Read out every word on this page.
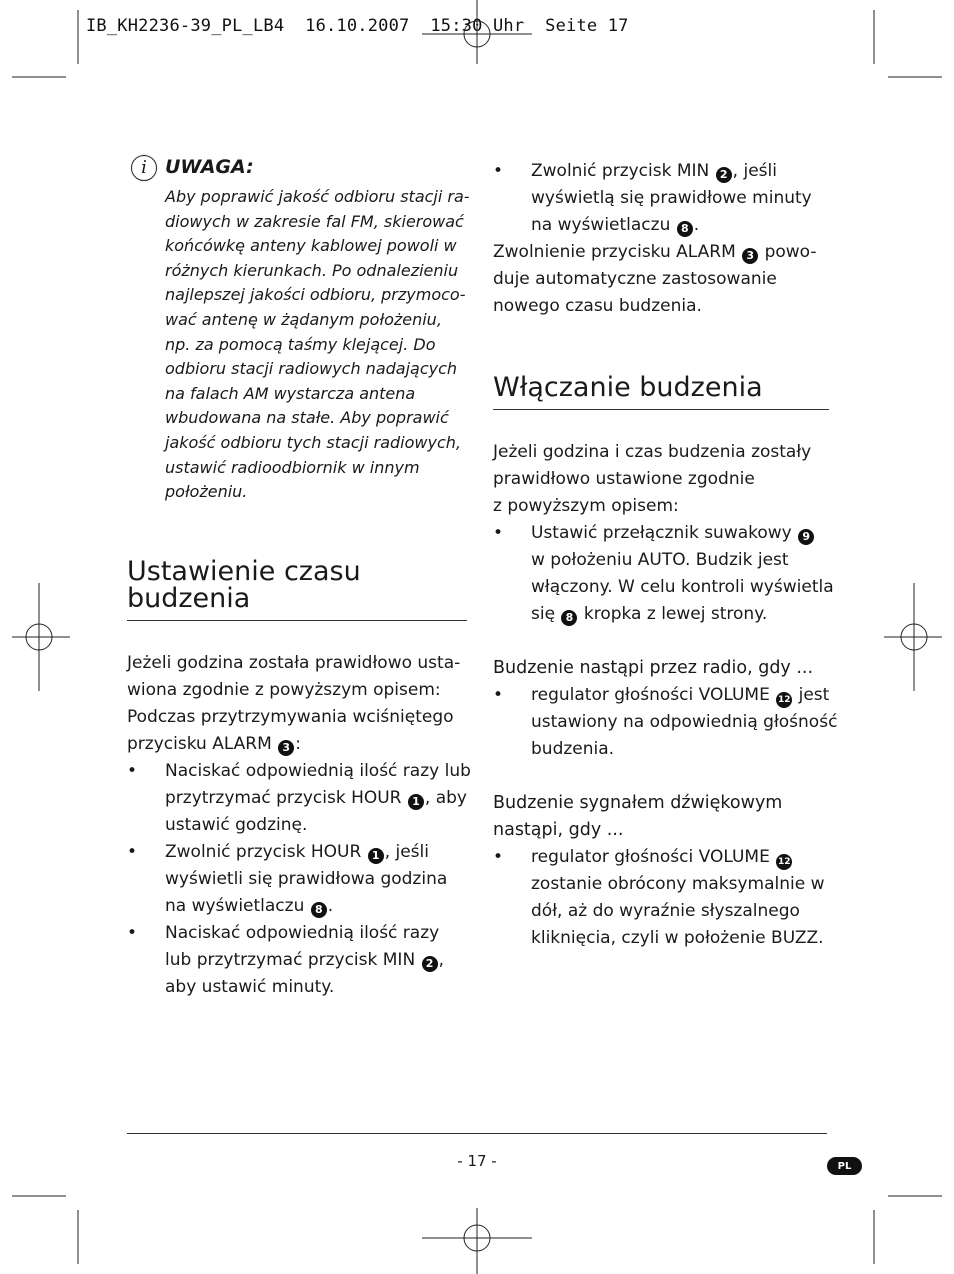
IB_KH2236-39_PL_LB4  16.10.2007  15:30 Uhr  Seite 17
i UWAGA:
Aby poprawić jakość odbioru stacji ra-
diowych w zakresie fal FM, skierować
końcówkę anteny kablowej powoli w
różnych kierunkach. Po odnalezieniu
najlepszej jakości odbioru, przymoco-
wać antenę w żądanym położeniu,
np. za pomocą taśmy klejącej. Do
odbioru stacji radiowych nadających
na falach AM wystarcza antena
wbudowana na stałe. Aby poprawić
jakość odbioru tych stacji radiowych,
ustawić radioodbiornik w innym
położeniu.
Ustawienie czasu
budzenia
Jeżeli godzina została prawidłowo usta-
wiona zgodnie z powyższym opisem:
Podczas przytrzymywania wciśniętego
przycisku ALARM 3 :
• Naciskać odpowiednią ilość razy lub
przytrzymać przycisk HOUR 1 , aby
ustawić godzinę.
• Zwolnić przycisk HOUR 1 , jeśli
wyświetli się prawidłowa godzina
na wyświetlaczu 8 .
• Naciskać odpowiednią ilość razy
lub przytrzymać przycisk MIN 2 ,
aby ustawić minuty.
• Zwolnić przycisk MIN 2 , jeśli
wyświetlą się prawidłowe minuty
na wyświetlaczu 8 .
Zwolnienie przycisku ALARM 3 powo-
duje automatyczne zastosowanie
nowego czasu budzenia.
Włączanie budzenia
Jeżeli godzina i czas budzenia zostały
prawidłowo ustawione zgodnie
z powyższym opisem:
• Ustawić przełącznik suwakowy 9
w położeniu AUTO. Budzik jest
włączony. W celu kontroli wyświetla
się 8 kropka z lewej strony.
Budzenie nastąpi przez radio, gdy ...
• regulator głośności VOLUME 12 jest
ustawiony na odpowiednią głośność
budzenia.
Budzenie sygnałem dźwiękowym
nastąpi, gdy ...
• regulator głośności VOLUME 12
zostanie obrócony maksymalnie w
dół, aż do wyraźnie słyszalnego
kliknięcia, czyli w położenie BUZZ.
- 17 -	PL
